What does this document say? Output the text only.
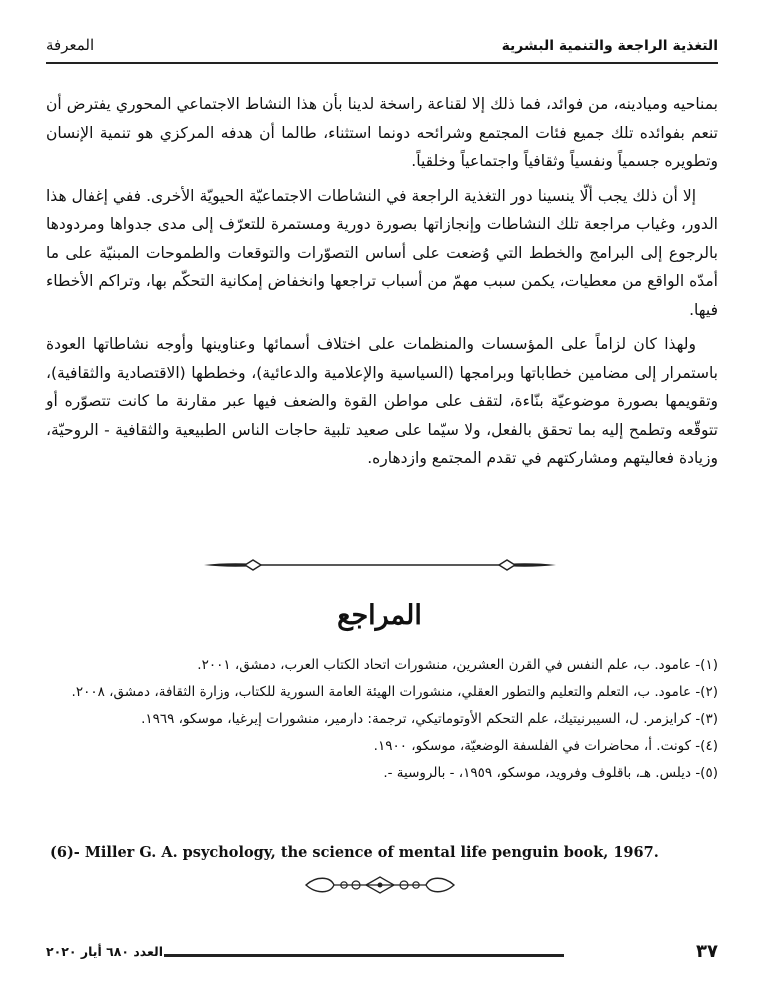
التغذية الراجعة والتنمية البشرية
المعرفة

بمناحيه وميادينه، من فوائد، فما ذلك إلا لقناعة راسخة لدينا بأن هذا النشاط الاجتماعي المحوري يفترض أن تنعم بفوائده تلك جميع فئات المجتمع وشرائحه دونما استثناء، طالما أن هدفه المركزي هو تنمية الإنسان وتطويره جسمياً ونفسياً وثقافياً واجتماعياً وخلقياً.

إلا أن ذلك يجب ألّا ينسينا دور التغذية الراجعة في النشاطات الاجتماعيّة الحيويّة الأخرى. ففي إغفال هذا الدور، وغياب مراجعة تلك النشاطات وإنجازاتها بصورة دورية ومستمرة للتعرّف إلى مدى جدواها ومردودها بالرجوع إلى البرامج والخطط التي وُضعت على أساس التصوّرات والتوقعات والطموحات المبنيّة على ما أمدّه الواقع من معطيات، يكمن سبب مهمّ من أسباب تراجعها وانخفاض إمكانية التحكّم بها، وتراكم الأخطاء فيها.

ولهذا كان لزاماً على المؤسسات والمنظمات على اختلاف أسمائها وعناوينها وأوجه نشاطاتها العودة باستمرار إلى مضامين خطاباتها وبرامجها (السياسية والإعلامية والدعائية)، وخططها (الاقتصادية والثقافية)، وتقويمها بصورة موضوعيّة بنّاءة، لتقف على مواطن القوة والضعف فيها عبر مقارنة ما كانت تتصوّره أو تتوقّعه وتطمح إليه بما تحقق بالفعل، ولا سيّما على صعيد تلبية حاجات الناس الطبيعية والثقافية - الروحيّة، وزيادة فعاليتهم ومشاركتهم في تقدم المجتمع وازدهاره.

المراجع
(١)- عامود. ب، علم النفس في القرن العشرين، منشورات اتحاد الكتاب العرب، دمشق، ٢٠٠١.
(٢)- عامود. ب، التعلم والتعليم والتطور العقلي، منشورات الهيئة العامة السورية للكتاب، وزارة الثقافة، دمشق، ٢٠٠٨.
(٣)- كرايزمر. ل، السيبرنيتيك، علم التحكم الأوتوماتيكي، ترجمة: دارمير، منشورات إيرغيا، موسكو، ١٩٦٩.
(٤)- كونت. أ، محاضرات في الفلسفة الوضعيّة، موسكو، ١٩٠٠.
(٥)- ديلس. هـ، باقلوف وفرويد، موسكو، ١٩٥٩، - بالروسية -.
(6)- Miller G. A. psychology, the science of mental life penguin book, 1967.
العدد ٦٨٠ أيار ٢٠٢٠	٣٧
